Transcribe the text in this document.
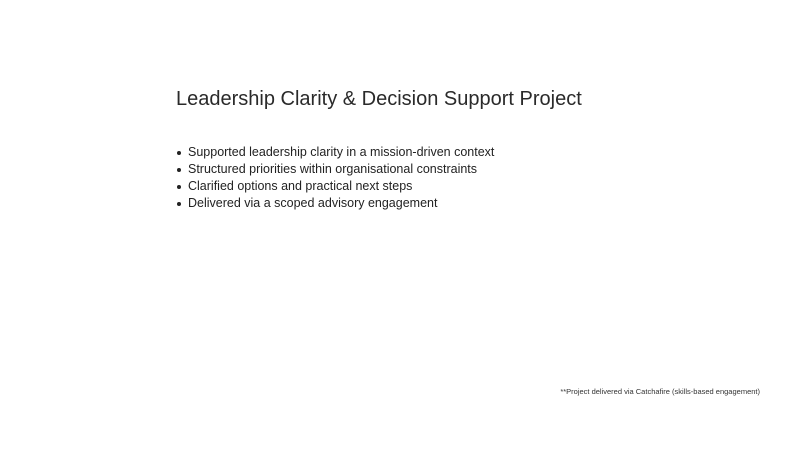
Leadership Clarity & Decision Support Project
Supported leadership clarity in a mission-driven context
Structured priorities within organisational constraints
Clarified options and practical next steps
Delivered via a scoped advisory engagement
**Project delivered via Catchafire (skills-based engagement)
